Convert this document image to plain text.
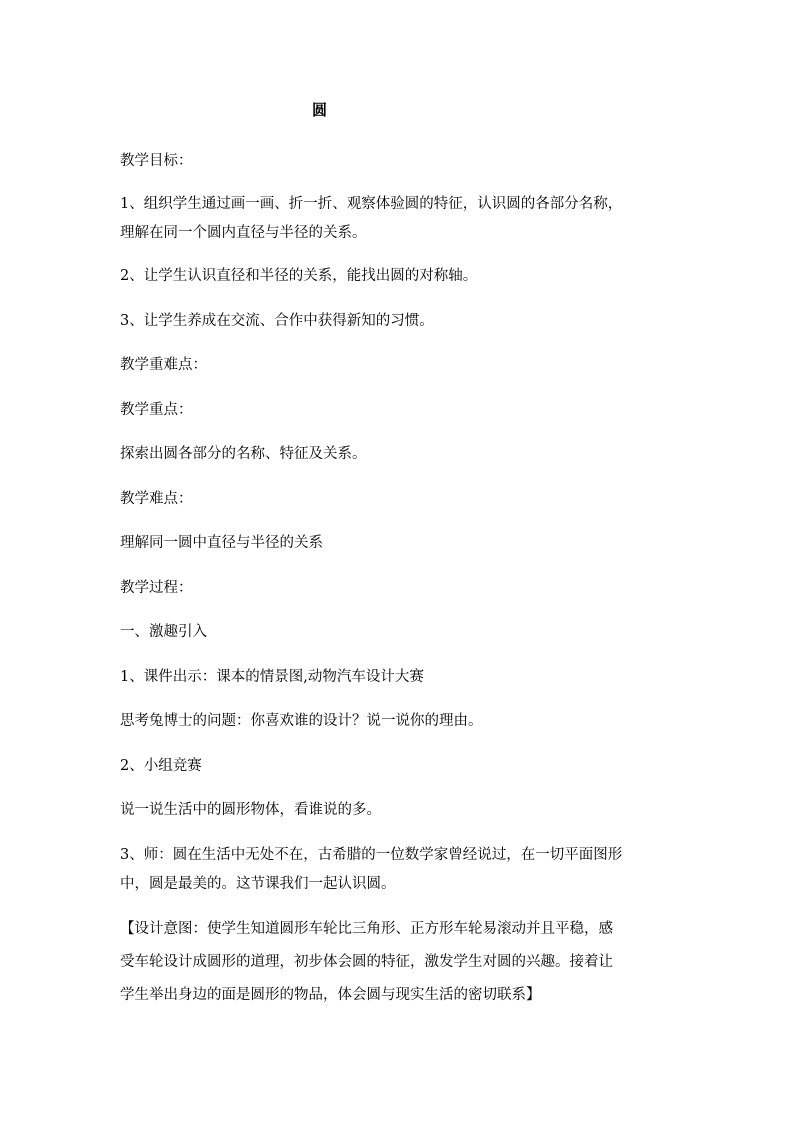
圆
教学目标：
1、组织学生通过画一画、折一折、观察体验圆的特征，认识圆的各部分名称，
理解在同一个圆内直径与半径的关系。
2、让学生认识直径和半径的关系，能找出圆的对称轴。
3、让学生养成在交流、合作中获得新知的习惯。
教学重难点：
教学重点：
探索出圆各部分的名称、特征及关系。
教学难点：
理解同一圆中直径与半径的关系
教学过程：
一、激趣引入
1、课件出示：课本的情景图,动物汽车设计大赛
思考兔博士的问题：你喜欢谁的设计？说一说你的理由。
2、小组竞赛
说一说生活中的圆形物体，看谁说的多。
3、师：圆在生活中无处不在，古希腊的一位数学家曾经说过，在一切平面图形
中，圆是最美的。这节课我们一起认识圆。
【设计意图：使学生知道圆形车轮比三角形、正方形车轮易滚动并且平稳，感
受车轮设计成圆形的道理，初步体会圆的特征，激发学生对圆的兴趣。接着让
学生举出身边的面是圆形的物品，体会圆与现实生活的密切联系】
